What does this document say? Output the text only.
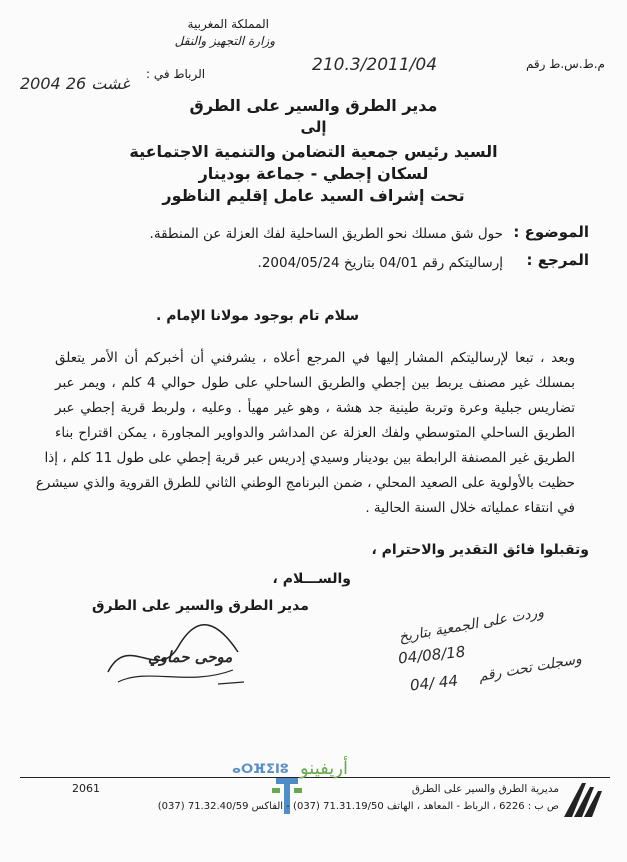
المملكة المغربية
وزارة التجهيز والنقل
م.ط.س.ط رقم
210.3/2011/04
الرباط في :
2004 غشت 26
مدير الطرق والسير على الطرق
إلى
السيد رئيس جمعية التضامن والتنمية الاجتماعية
لسكان إجطي - جماعة بودينار
تحت إشراف السيد عامل إقليم الناظور
الموضوع :
حول شق مسلك نحو الطريق الساحلية لفك العزلة عن المنطقة.
المرجع :
إرساليتكم رقم 04/01 بتاريخ 2004/05/24.
سلام تام بوجود مولانا الإمام .
وبعد ، تبعا لإرساليتكم المشار إليها في المرجع أعلاه ، يشرفني أن أخبركم أن الأمر يتعلق
بمسلك غير مصنف يربط بين إجطي والطريق الساحلي على طول حوالي 4 كلم ، ويمر عبر
تضاريس جبلية وعرة وتربة طينية جد هشة ، وهو غير مهيأ . وعليه ، ولربط قرية إجطي عبر
الطريق الساحلي المتوسطي ولفك العزلة عن المداشر والدواوير المجاورة ، يمكن اقتراح بناء
الطريق غير المصنفة الرابطة بين بودينار وسيدي إدريس عبر قرية إجطي على طول 11 كلم ، إذا
حظيت بالأولوية على الصعيد المحلي ، ضمن البرنامج الوطني الثاني للطرق القروية والذي سيشرع
في انتقاء عملياته خلال السنة الحالية .
وتقبلوا فائق التقدير والاحترام ،
والســـلام ،
مدير الطرق والسير على الطرق
موحى حماوي
وردت على الجمعية بتاريخ
04/08/18 وسجلت تحت رقم
04/ 44
2061
أريفينو
ⴰⵔⴼⵉⵏⵓ
مديرية الطرق والسير على الطرق
ص ب : 6226 ، الرباط - المعاهد ، الهاتف 71.31.19/50 (037) - الفاكس 71.32.40/59 (037)
